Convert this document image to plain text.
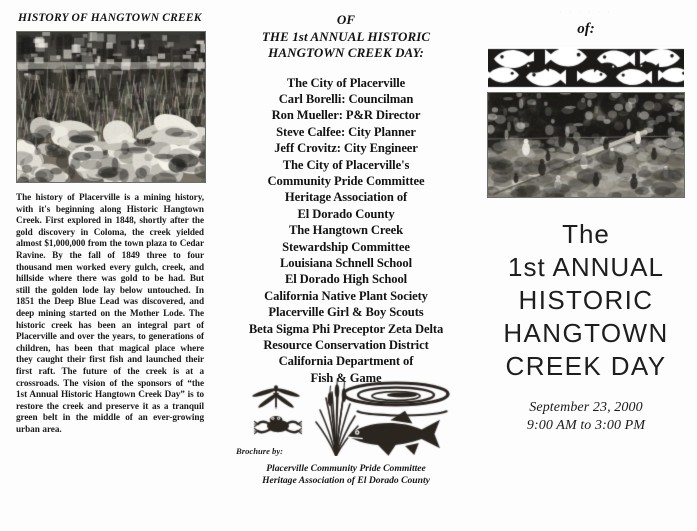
HISTORY OF HANGTOWN CREEK
The history of Placerville is a mining history, with it's beginning along Historic Hangtown Creek. First explored in 1848, shortly after the gold discovery in Coloma, the creek yielded almost $1,000,000 from the town plaza to Cedar Ravine. By the fall of 1849 three to four thousand men worked every gulch, creek, and hillside where there was gold to be had. But still the golden lode lay below untouched. In 1851 the Deep Blue Lead was discovered, and deep mining started on the Mother Lode. The historic creek has been an integral part of Placerville and over the years, to generations of children, has been that magical place where they caught their first fish and launched their first raft. The future of the creek is at a crossroads. The vision of the sponsors of “the 1st Annual Historic Hangtown Creek Day” is to restore the creek and preserve it as a tranquil green belt in the middle of an ever-growing urban area.
OF
THE 1st ANNUAL HISTORIC
HANGTOWN CREEK DAY:
The City of Placerville
Carl Borelli: Councilman
Ron Mueller: P&R Director
Steve Calfee: City Planner
Jeff Crovitz: City Engineer
The City of Placerville's
Community Pride Committee
Heritage Association of
El Dorado County
The Hangtown Creek
Stewardship Committee
Louisiana Schnell School
El Dorado High School
California Native Plant Society
Placerville Girl & Boy Scouts
Beta Sigma Phi Preceptor Zeta Delta
Resource Conservation District
California Department of
Brochure by:
Placerville Community Pride Committee
Heritage Association of El Dorado County
· · · · · ·
of:
The
1st ANNUAL
HISTORIC
HANGTOWN
CREEK DAY
September 23, 2000
9:00 AM to 3:00 PM
